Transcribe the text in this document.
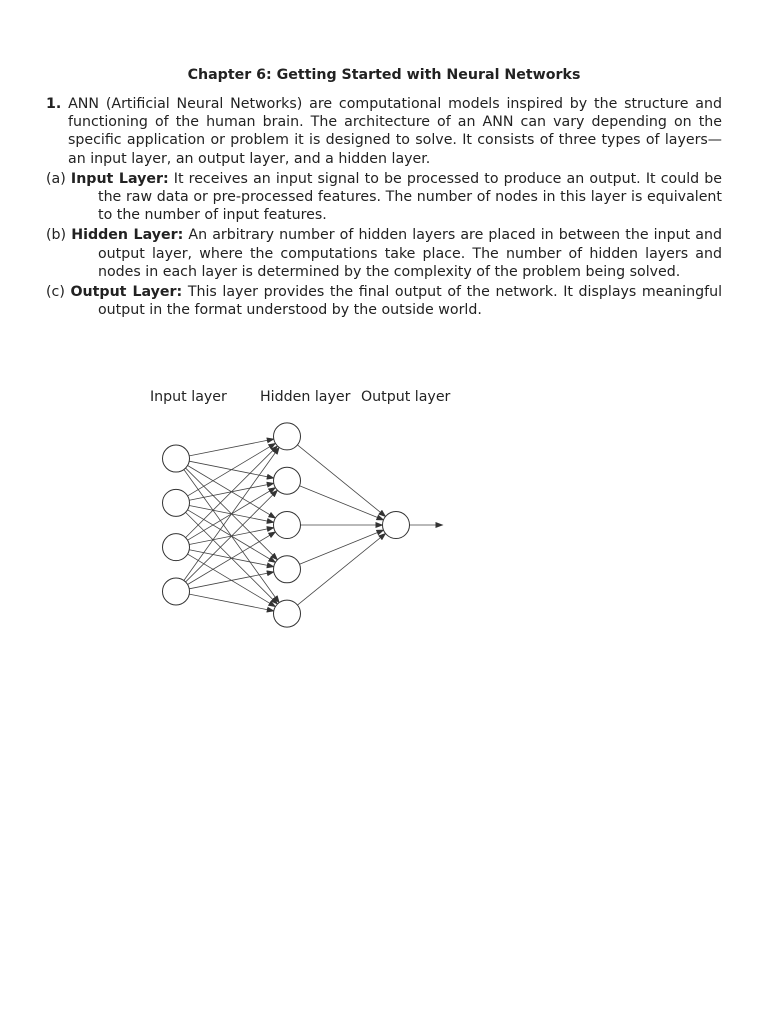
Chapter 6: Getting Started with Neural Networks

1. ANN (Artificial Neural Networks) are computational models inspired by the structure and functioning of the human brain. The architecture of an ANN can vary depending on the specific application or problem it is designed to solve. It consists of three types of layers—an input layer, an output layer, and a hidden layer.

(a) Input Layer: It receives an input signal to be processed to produce an output. It could be the raw data or pre-processed features. The number of nodes in this layer is equivalent to the number of input features.

(b) Hidden Layer: An arbitrary number of hidden layers are placed in between the input and output layer, where the computations take place. The number of hidden layers and nodes in each layer is determined by the complexity of the problem being solved.

(c) Output Layer: This layer provides the final output of the network. It displays meaningful output in the format understood by the outside world.

Input layer Hidden layer Output layer
